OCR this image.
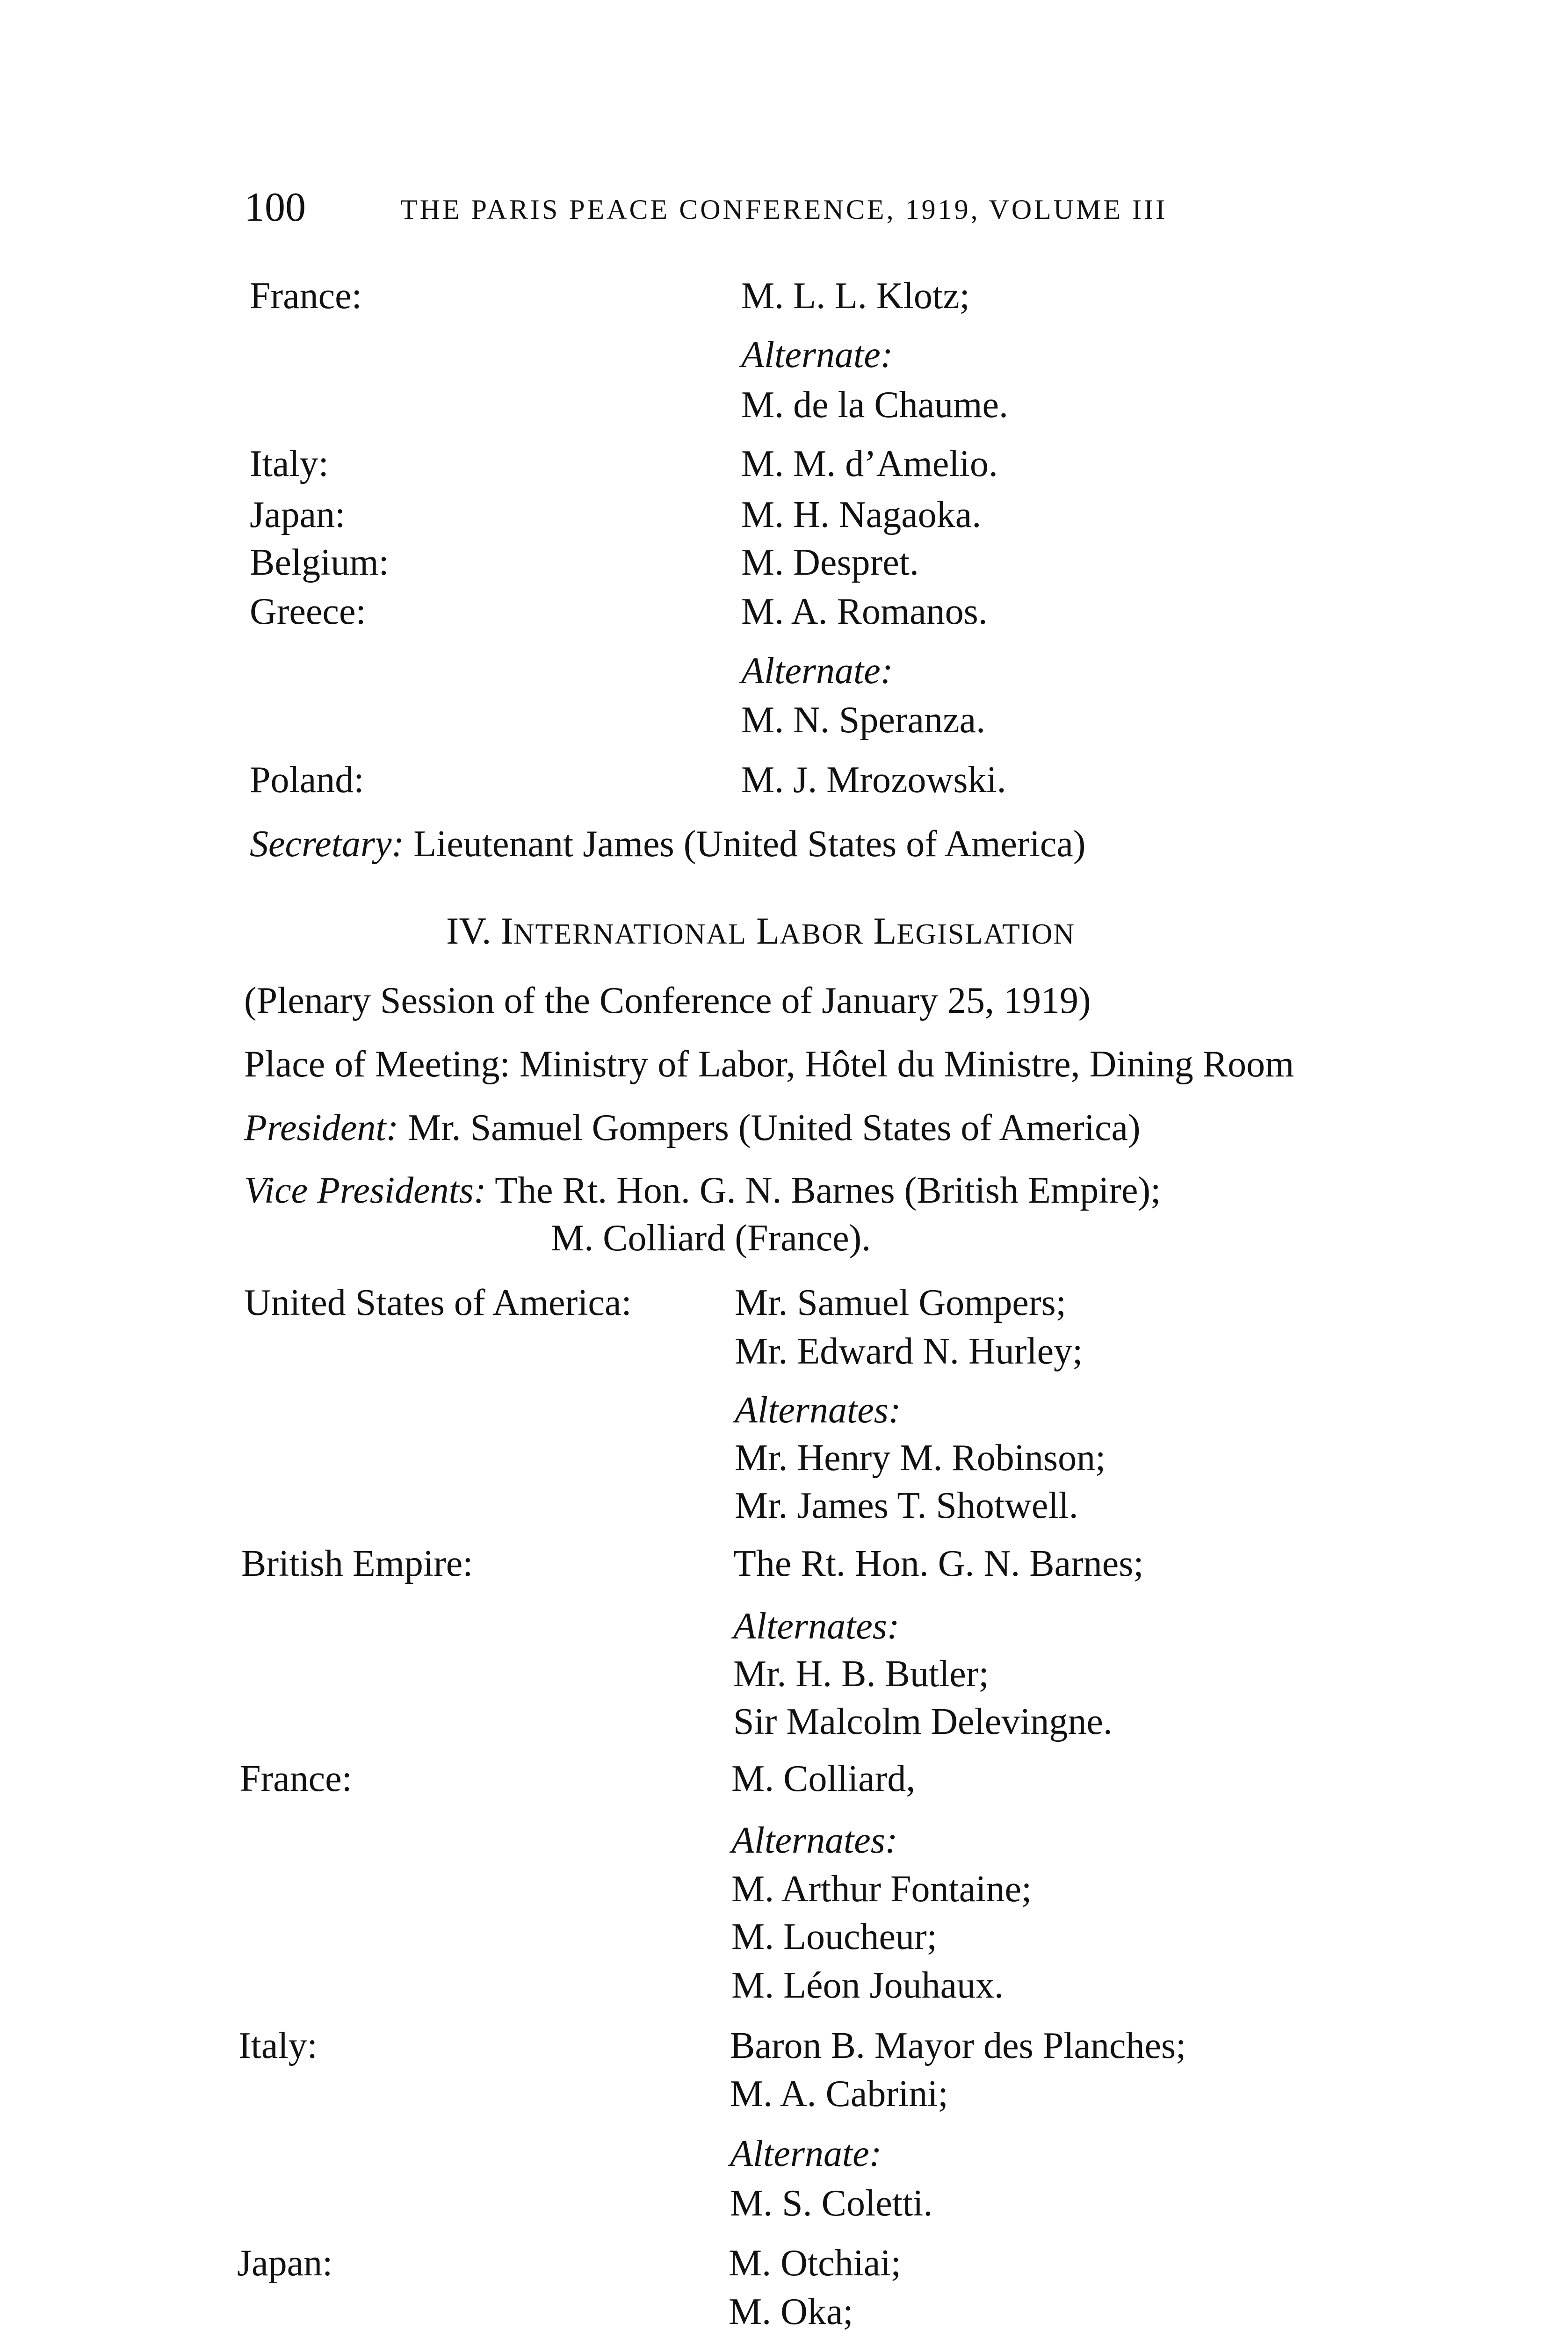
100	THE PARIS PEACE CONFERENCE, 1919, VOLUME III
France:	M. L. L. Klotz;
Alternate:
M. de la Chaume.
Italy:	M. M. d’Amelio.
Japan:	M. H. Nagaoka.
Belgium:	M. Despret.
Greece:	M. A. Romanos.
Alternate:
M. N. Speranza.
Poland:	M. J. Mrozowski.
Secretary: Lieutenant James (United States of America)
IV. INTERNATIONAL LABOR LEGISLATION
(Plenary Session of the Conference of January 25, 1919)
Place of Meeting: Ministry of Labor, Hôtel du Ministre, Dining Room
President: Mr. Samuel Gompers (United States of America)
Vice Presidents: The Rt. Hon. G. N. Barnes (British Empire);
M. Colliard (France).
United States of America:	Mr. Samuel Gompers;
Mr. Edward N. Hurley;
Alternates:
Mr. Henry M. Robinson;
Mr. James T. Shotwell.
British Empire:	The Rt. Hon. G. N. Barnes;
Alternates:
Mr. H. B. Butler;
Sir Malcolm Delevingne.
France:	M. Colliard,
Alternates:
M. Arthur Fontaine;
M. Loucheur;
M. Léon Jouhaux.
Italy:	Baron B. Mayor des Planches;
M. A. Cabrini;
Alternate:
M. S. Coletti.
Japan:	M. Otchiai;
M. Oka;
